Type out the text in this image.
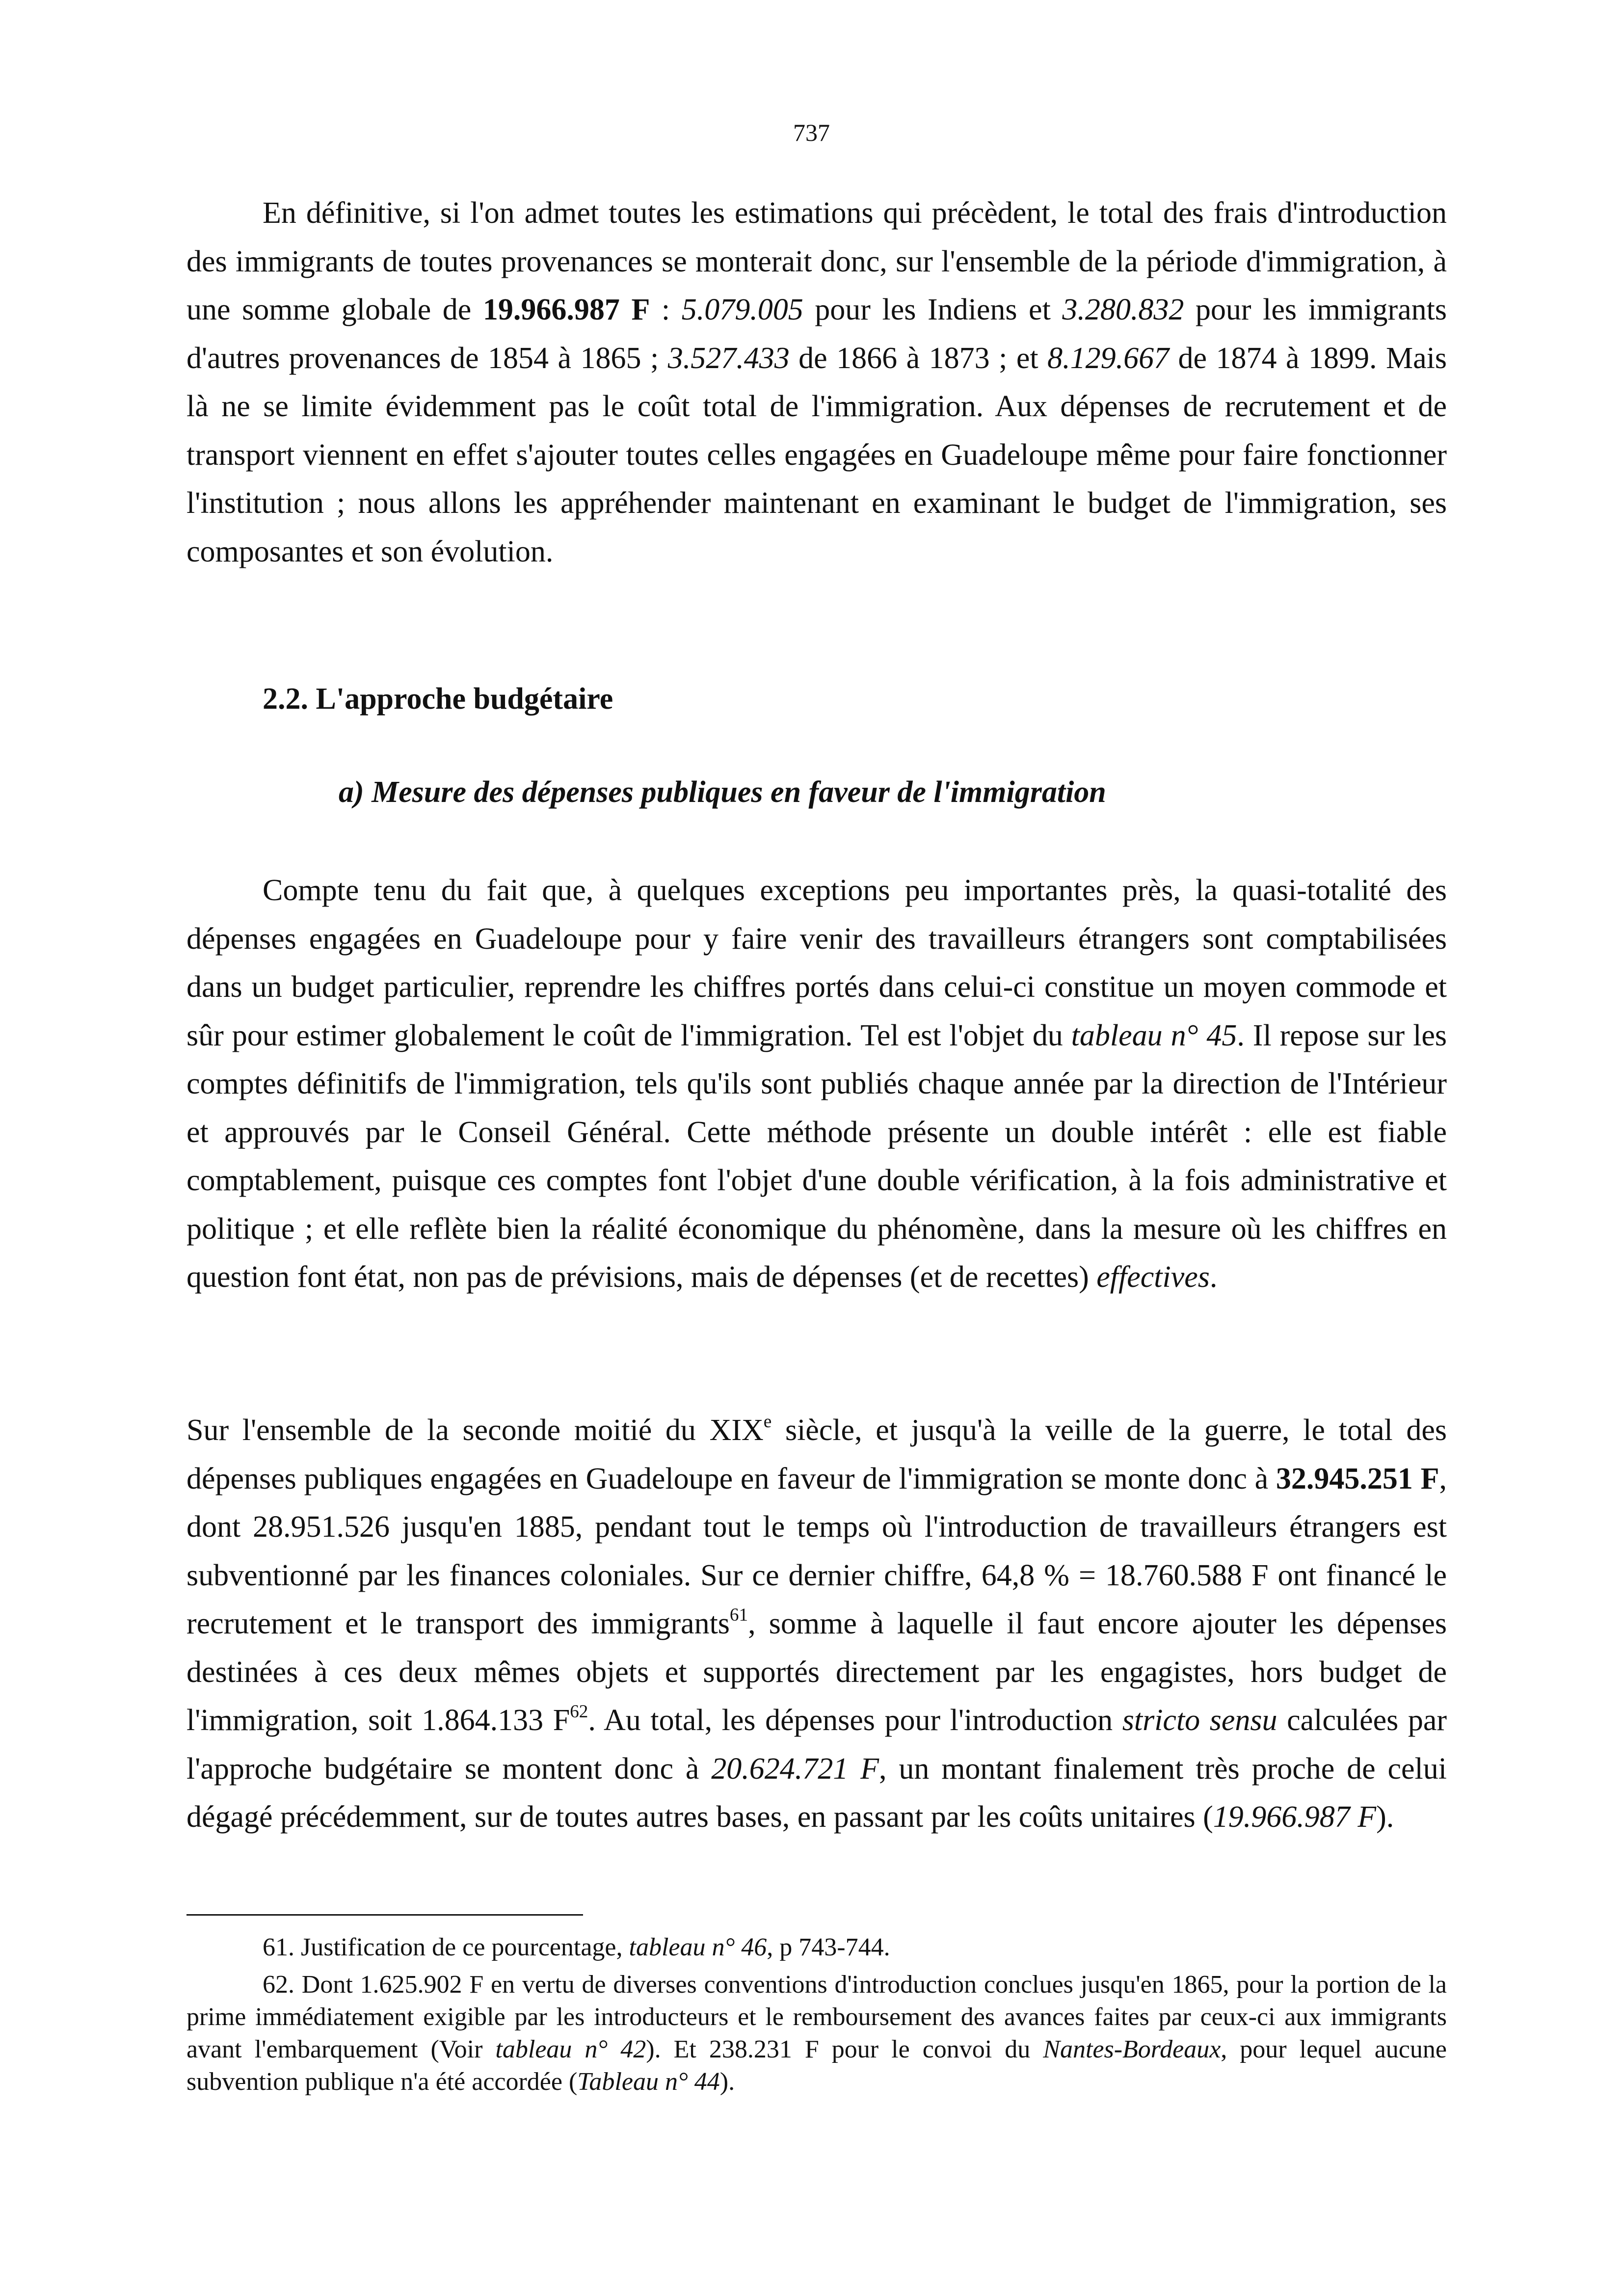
737

En définitive, si l'on admet toutes les estimations qui précèdent, le total des frais d'introduction des immigrants de toutes provenances se monterait donc, sur l'ensemble de la période d'immigration, à une somme globale de 19.966.987 F : 5.079.005 pour les Indiens et 3.280.832 pour les immigrants d'autres provenances de 1854 à 1865 ; 3.527.433 de 1866 à 1873 ; et 8.129.667 de 1874 à 1899. Mais là ne se limite évidemment pas le coût total de l'immigration. Aux dépenses de recrutement et de transport viennent en effet s'ajouter toutes celles engagées en Guadeloupe même pour faire fonctionner l'institution ; nous allons les appréhender maintenant en examinant le budget de l'immigration, ses composantes et son évolution.

2.2. L'approche budgétaire
a) Mesure des dépenses publiques en faveur de l'immigration

Compte tenu du fait que, à quelques exceptions peu importantes près, la quasi-totalité des dépenses engagées en Guadeloupe pour y faire venir des travailleurs étrangers sont comptabilisées dans un budget particulier, reprendre les chiffres portés dans celui-ci constitue un moyen commode et sûr pour estimer globalement le coût de l'immigration. Tel est l'objet du tableau n° 45. Il repose sur les comptes définitifs de l'immigration, tels qu'ils sont publiés chaque année par la direction de l'Intérieur et approuvés par le Conseil Général. Cette méthode présente un double intérêt : elle est fiable comptablement, puisque ces comptes font l'objet d'une double vérification, à la fois administrative et politique ; et elle reflète bien la réalité économique du phénomène, dans la mesure où les chiffres en question font état, non pas de prévisions, mais de dépenses (et de recettes) effectives.

Sur l'ensemble de la seconde moitié du XIXe siècle, et jusqu'à la veille de la guerre, le total des dépenses publiques engagées en Guadeloupe en faveur de l'immigration se monte donc à 32.945.251 F, dont 28.951.526 jusqu'en 1885, pendant tout le temps où l'introduction de travailleurs étrangers est subventionné par les finances coloniales. Sur ce dernier chiffre, 64,8 % = 18.760.588 F ont financé le recrutement et le transport des immigrants$^{61}$, somme à laquelle il faut encore ajouter les dépenses destinées à ces deux mêmes objets et supportés directement par les engagistes, hors budget de l'immigration, soit 1.864.133 $F^{62}$. Au total, les dépenses pour l'introduction stricto sensu calculées par l'approche budgétaire se montent donc à 20.624.721 F, un montant finalement très proche de celui dégagé précédemment, sur de toutes autres bases, en passant par les coûts unitaires (19.966.987 F).

61. Justification de ce pourcentage, tableau n° 46, p 743-744.

62. Dont 1.625.902 F en vertu de diverses conventions d'introduction conclues jusqu'en 1865, pour la portion de la prime immédiatement exigible par les introducteurs et le remboursement des avances faites par ceux-ci aux immigrants avant l'embarquement (Voir tableau n° 42). Et 238.231 F pour le convoi du Nantes-Bordeaux, pour lequel aucune subvention publique n'a été accordée (Tableau n° 44).
